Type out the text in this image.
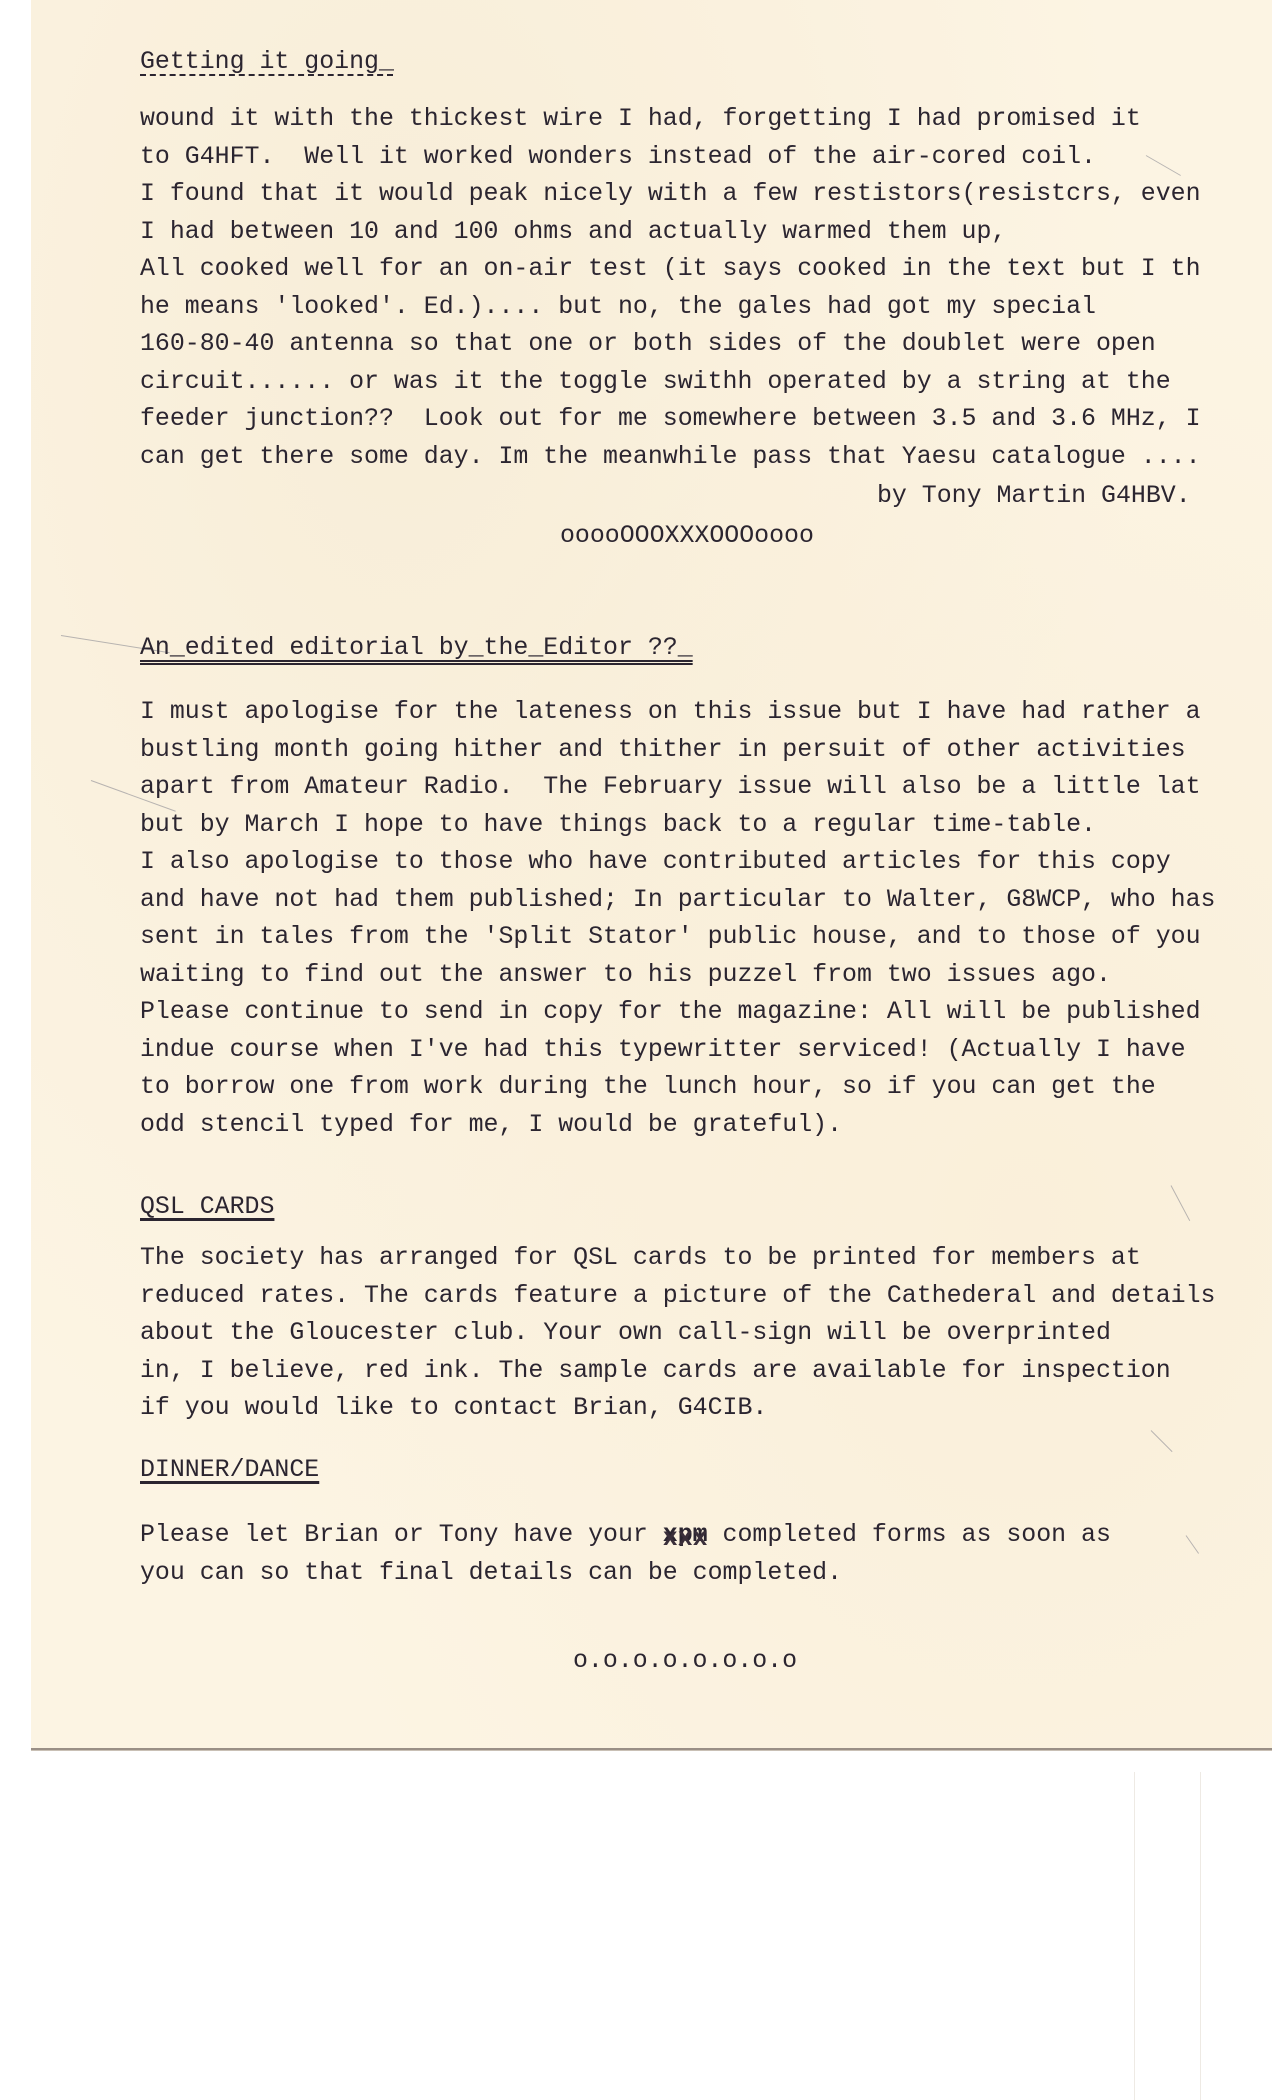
Getting it going_
wound it with the thickest wire I had, forgetting I had promised it
to G4HFT.  Well it worked wonders instead of the air-cored coil.
I found that it would peak nicely with a few restistors(resistcrs, even
I had between 10 and 100 ohms and actually warmed them up,
All cooked well for an on-air test (it says cooked in the text but I th
he means 'looked'. Ed.).... but no, the gales had got my special
160-80-40 antenna so that one or both sides of the doublet were open
circuit...... or was it the toggle swithh operated by a string at the
feeder junction??  Look out for me somewhere between 3.5 and 3.6 MHz, I
can get there some day. Im the meanwhile pass that Yaesu catalogue ....
by Tony Martin G4HBV.
ooooOOOXXXOOOoooo
An_edited editorial by_the_Editor ??_
I must apologise for the lateness on this issue but I have had rather a
bustling month going hither and thither in persuit of other activities
apart from Amateur Radio.  The February issue will also be a little lat
but by March I hope to have things back to a regular time-table.
I also apologise to those who have contributed articles for this copy
and have not had them published; In particular to Walter, G8WCP, who has
sent in tales from the 'Split Stator' public house, and to those of you
waiting to find out the answer to his puzzel from two issues ago.
Please continue to send in copy for the magazine: All will be published
indue course when I've had this typewritter serviced! (Actually I have
to borrow one from work during the lunch hour, so if you can get the
odd stencil typed for me, I would be grateful).
QSL CARDS
The society has arranged for QSL cards to be printed for members at
reduced rates. The cards feature a picture of the Cathederal and details
about the Gloucester club. Your own call-sign will be overprinted
in, I believe, red ink. The sample cards are available for inspection
if you would like to contact Brian, G4CIB.
DINNER/DANCE
Please let Brian or Tony have your xpm xxx completed forms as soon as
you can so that final details can be completed.
o.o.o.o.o.o.o.o
